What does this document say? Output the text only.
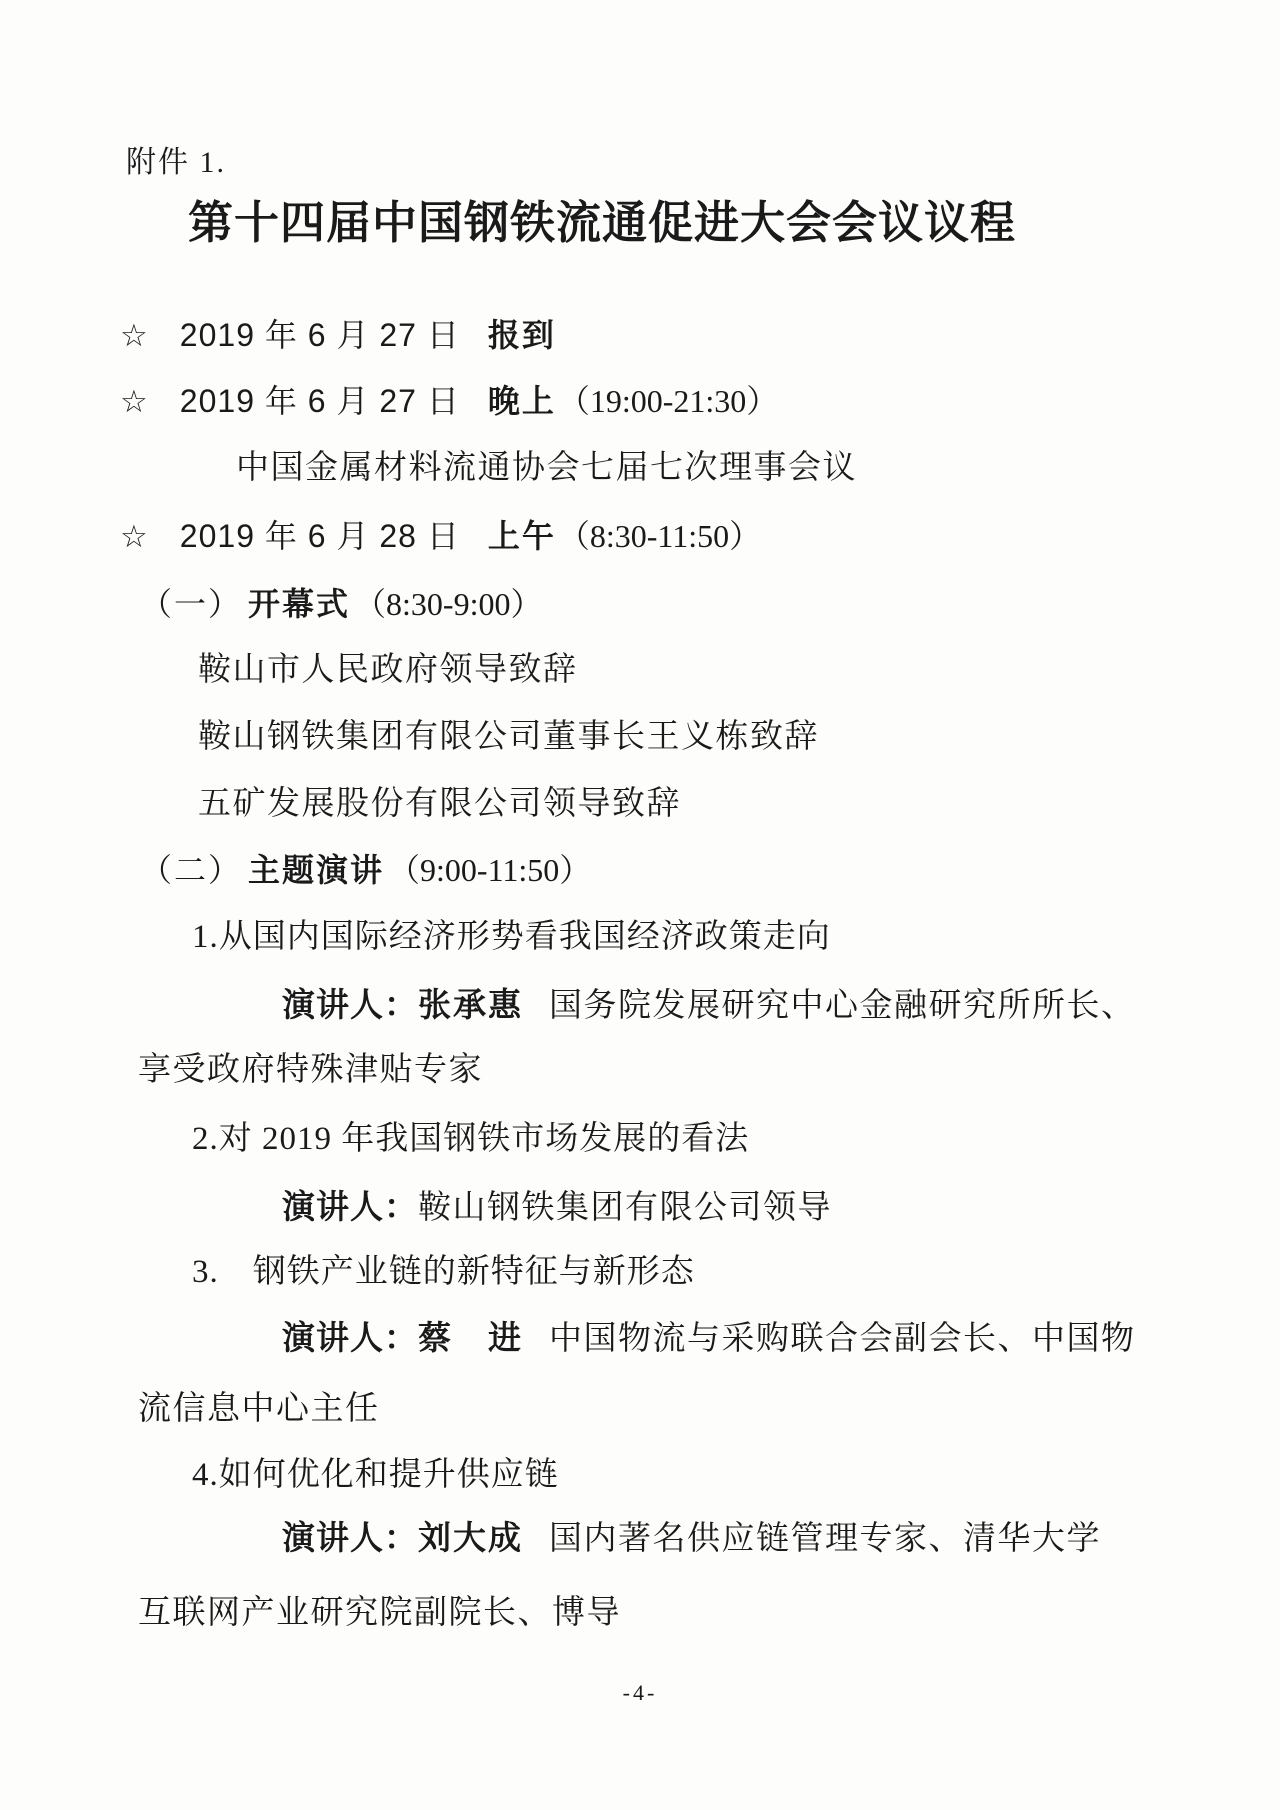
附件 1.
第十四届中国钢铁流通促进大会会议议程
☆ 2019 年 6 月 27 日 报到
☆ 2019 年 6 月 27 日 晚上（19:00-21:30）
中国金属材料流通协会七届七次理事会议
☆ 2019 年 6 月 28 日 上午（8:30-11:50）
（一） 开幕式 （8:30-9:00）
鞍山市人民政府领导致辞
鞍山钢铁集团有限公司董事长王义栋致辞
五矿发展股份有限公司领导致辞
（二） 主题演讲 （9:00-11:50）
1.从国内国际经济形势看我国经济政策走向
演讲人：张承惠 国务院发展研究中心金融研究所所长、
享受政府特殊津贴专家
2.对 2019 年我国钢铁市场发展的看法
演讲人：鞍山钢铁集团有限公司领导
3.　钢铁产业链的新特征与新形态
演讲人：蔡　进 中国物流与采购联合会副会长、中国物
流信息中心主任
4.如何优化和提升供应链
演讲人：刘大成 国内著名供应链管理专家、清华大学
互联网产业研究院副院长、博导
-4-
